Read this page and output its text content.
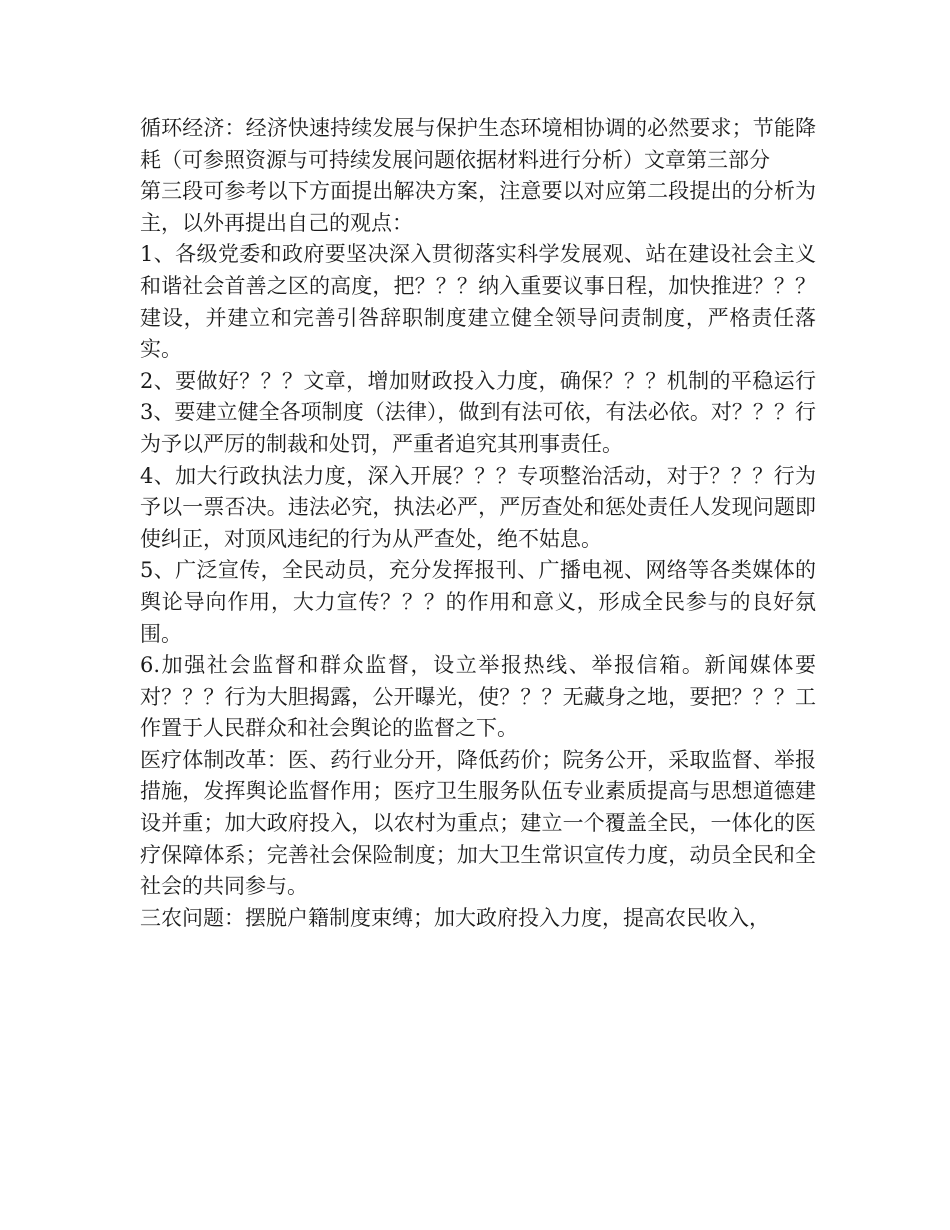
循环经济：经济快速持续发展与保护生态环境相协调的必然要求；节能降耗（可参照资源与可持续发展问题依据材料进行分析）文章第三部分

第三段可参考以下方面提出解决方案，注意要以对应第二段提出的分析为主，以外再提出自己的观点：

1、各级党委和政府要坚决深入贯彻落实科学发展观、站在建设社会主义和谐社会首善之区的高度，把？？？纳入重要议事日程，加快推进？？？建设，并建立和完善引咎辞职制度建立健全领导问责制度，严格责任落实。

2、要做好？？？文章，增加财政投入力度，确保？？？机制的平稳运行 3、要建立健全各项制度（法律），做到有法可依，有法必依。对？？？行为予以严厉的制裁和处罚，严重者追究其刑事责任。

4、加大行政执法力度，深入开展？？？专项整治活动，对于？？？行为予以一票否决。违法必究，执法必严，严厉查处和惩处责任人发现问题即使纠正，对顶风违纪的行为从严查处，绝不姑息。

5、广泛宣传，全民动员，充分发挥报刊、广播电视、网络等各类媒体的舆论导向作用，大力宣传？？？的作用和意义，形成全民参与的良好氛围。

6.加强社会监督和群众监督，设立举报热线、举报信箱。新闻媒体要对？？？行为大胆揭露，公开曝光，使？？？无藏身之地，要把？？？工作置于人民群众和社会舆论的监督之下。

医疗体制改革：医、药行业分开，降低药价；院务公开，采取监督、举报措施，发挥舆论监督作用；医疗卫生服务队伍专业素质提高与思想道德建设并重；加大政府投入，以农村为重点；建立一个覆盖全民，一体化的医疗保障体系；完善社会保险制度；加大卫生常识宣传力度，动员全民和全社会的共同参与。

三农问题：摆脱户籍制度束缚；加大政府投入力度，提高农民收入，
